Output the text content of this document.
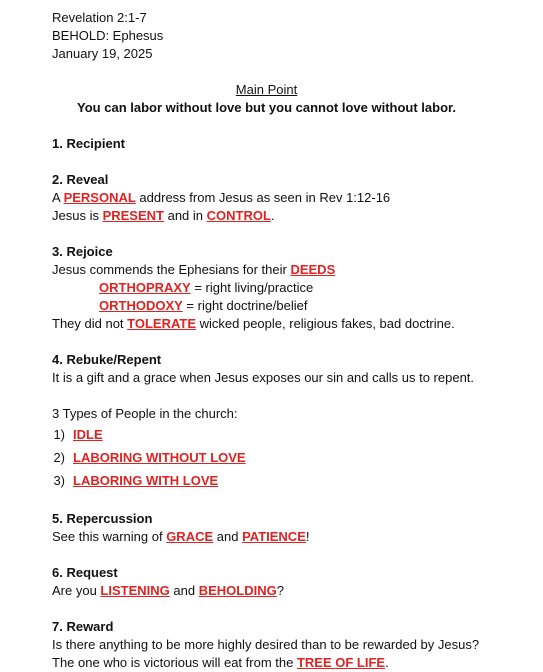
Revelation 2:1-7
BEHOLD: Ephesus
January 19, 2025
Main Point
You can labor without love but you cannot love without labor.
1. Recipient
2. Reveal
A PERSONAL address from Jesus as seen in Rev 1:12-16
Jesus is PRESENT and in CONTROL.
3. Rejoice
Jesus commends the Ephesians for their DEEDS
ORTHOPRAXY = right living/practice
ORTHODOXY = right doctrine/belief
They did not TOLERATE wicked people, religious fakes, bad doctrine.
4. Rebuke/Repent
It is a gift and a grace when Jesus exposes our sin and calls us to repent.
3 Types of People in the church:
1) IDLE
2) LABORING WITHOUT LOVE
3) LABORING WITH LOVE
5. Repercussion
See this warning of GRACE and PATIENCE!
6. Request
Are you LISTENING and BEHOLDING?
7. Reward
Is there anything to be more highly desired than to be rewarded by Jesus?
The one who is victorious will eat from the TREE OF LIFE.
